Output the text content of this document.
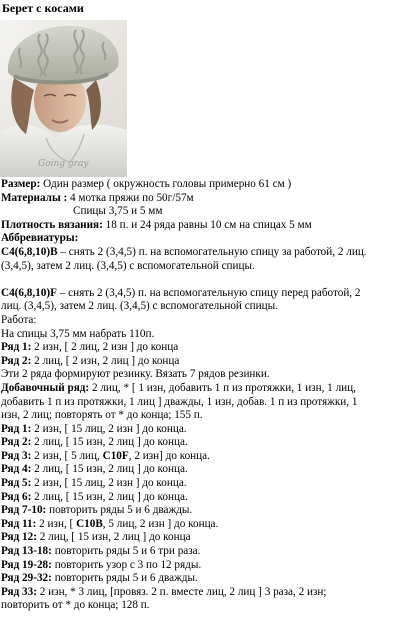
Берет с косами
Going gray
Размер: Один размер ( окружность головы примерно 61 см )
Материалы : 4 мотка пряжи по 50г/57м
Спицы 3,75 и 5 мм
Плотность вязания: 18 п. и 24 ряда равны 10 см на спицах 5 мм
Аббревиатуры:
C4(6,8,10)B – снять 2 (3,4,5) п. на вспомогательную спицу за работой, 2 лиц.
(3,4,5), затем 2 лиц. (3,4,5) с вспомогательной спицы.
C4(6,8,10)F – снять 2 (3,4,5) п. на вспомогательную спицу перед работой, 2
лиц. (3,4,5), затем 2 лиц. (3,4,5) с вспомогательной спицы.
Работа:
На спицы 3,75 мм набрать 110п.
Ряд 1: 2 изн, [ 2 лиц, 2 изн ] до конца
Ряд 2: 2 лиц, [ 2 изн, 2 лиц ] до конца
Эти 2 ряда формируют резинку. Вязать 7 рядов резинки.
Добавочный ряд: 2 лиц, * [ 1 изн, добавить 1 п из протяжки, 1 изн, 1 лиц,
добавить 1 п из протяжки, 1 лиц ] дважды, 1 изн, добав. 1 п из протяжки, 1
изн, 2 лиц; повторять от * до конца; 155 п.
Ряд 1: 2 изн, [ 15 лиц, 2 изн ] до конца.
Ряд 2: 2 лиц, [ 15 изн, 2 лиц ] до конца.
Ряд 3: 2 изн, [ 5 лиц, C10F, 2 изн] до конца.
Ряд 4: 2 лиц, [ 15 изн, 2 лиц ] до конца.
Ряд 5: 2 изн, [ 15 лиц, 2 изн ] до конца.
Ряд 6: 2 лиц, [ 15 изн, 2 лиц ] до конца.
Ряд 7-10: повторить ряды 5 и 6 дважды.
Ряд 11: 2 изн, [ C10B, 5 лиц, 2 изн ] до конца.
Ряд 12: 2 лиц, [ 15 изн, 2 лиц ] до конца
Ряд 13-18: повторить ряды 5 и 6 три раза.
Ряд 19-28: повторить узор с 3 по 12 ряды.
Ряд 29-32: повторить ряды 5 и 6 дважды.
Ряд 33: 2 изн, * 3 лиц, [провяз. 2 п. вместе лиц, 2 лиц ] 3 раза, 2 изн;
повторить от * до конца; 128 п.
